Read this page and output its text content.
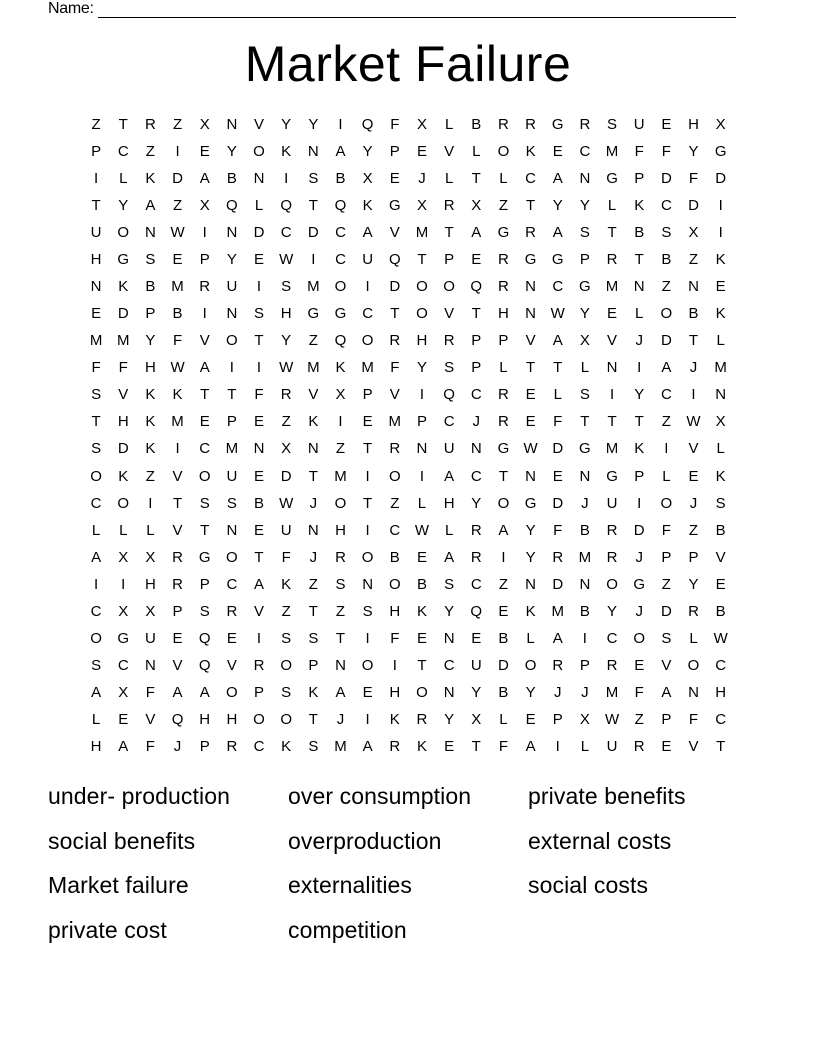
Name:
Market Failure
Z	T	R	Z	X	N	V	Y	Y	I	Q	F	X	L	B	R	R	G	R	S	U	E	H	X
P	C	Z	I	E	Y	O	K	N	A	Y	P	E	V	L	O	K	E	C	M	F	F	Y	G
I	L	K	D	A	B	N	I	S	B	X	E	J	L	T	L	C	A	N	G	P	D	F	D
T	Y	A	Z	X	Q	L	Q	T	Q	K	G	X	R	X	Z	T	Y	Y	L	K	C	D	I
U	O	N W	I	N	D	C	D	C	A	V	M	T	A	G	R	A	S	T	B	S	X	I
H	G	S	E	P	Y	E	W	I	C	U	Q	T	P	E	R	G	G	P	R	T	B	Z	K
N	K	B	M	R	U	I	S	M	O	I	D	O	O	Q	R	N	C	G	M	N	Z	N	E
E	D	P	B	I	N	S	H	G	G	C	T	O	V	T	H	N W	Y	E	L	O	B	K
M M	Y	F	V	O	T	Y	Z	Q	O	R	H	R	P	P	V	A	X	V	J	D	T	L
F	F	H W	A	I	I	W M	K	M	F	Y	S	P	L	T	T	L	N	I	A	J	M
S	V	K	K	T	T	F	R	V	X	P	V	I	Q	C	R	E	L	S	I	Y	C	I	N
T	H	K	M	E	P	E	Z	K	I	E	M	P	C	J	R	E	F	T	T	T	Z	W	X
S	D	K	I	C	M	N	X	N	Z	T	R	N	U	N	G W D	G	M	K	I	V	L
O	K	Z	V	O	U	E	D	T	M	I	O	I	A	C	T	N	E	N	G	P	L	E	K
C	O	I	T	S	S	B	W	J	O	T	Z	L	H	Y	O	G	D	J	U	I	O	J	S
L	L	L	V	T	N	E	U	N	H	I	C W	L	R	A	Y	F	B	R	D	F	Z	B
A	X	X	R	G	O	T	F	J	R	O	B	E	A	R	I	Y	R	M	R	J	P	P	V
I	I	H	R	P	C	A	K	Z	S	N	O	B	S	C	Z	N	D	N	O	G	Z	Y	E
C	X	X	P	S	R	V	Z	T	Z	S	H	K	Y	Q	E	K	M	B	Y	J	D	R	B
O	G	U	E	Q	E	I	S	S	T	I	F	E	N	E	B	L	A	I	C	O	S	L	W
S	C	N	V	Q	V	R	O	P	N	O	I	T	C	U	D	O	R	P	R	E	V	O	C
A	X	F	A	A	O	P	S	K	A	E	H	O	N	Y	B	Y	J	J	M	F	A	N	H
L	E	V	Q	H	H	O	O	T	J	I	K	R	Y	X	L	E	P	X	W	Z	P	F	C
H	A	F	J	P	R	C	K	S	M	A	R	K	E	T	F	A	I	L	U	R	E	V	T
under- production	over consumption	private benefits
social benefits	overproduction	external costs
Market failure	externalities	social costs
private cost	competition
